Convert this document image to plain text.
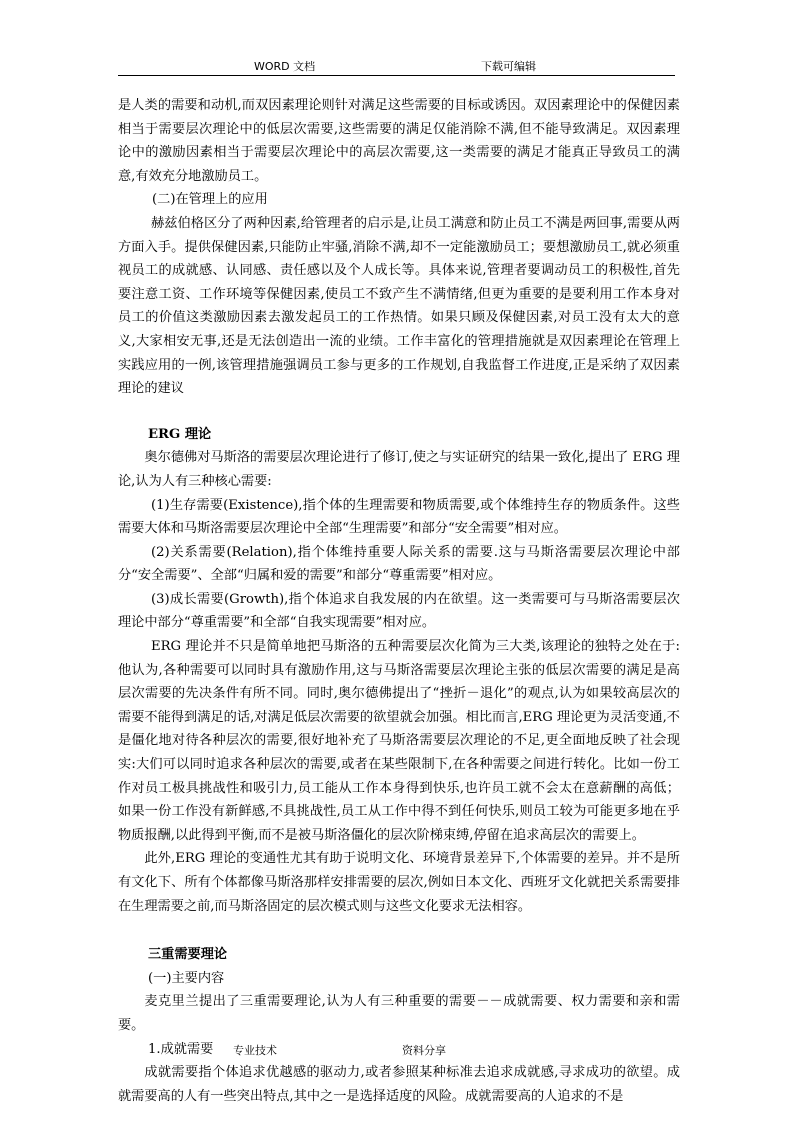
WORD 文档	下载可编辑

是人类的需要和动机,而双因素理论则针对满足这些需要的目标或诱因。双因素理论中的保健因素相当于需要层次理论中的低层次需要,这些需要的满足仅能消除不满,但不能导致满足。双因素理论中的激励因素相当于需要层次理论中的高层次需要,这一类需要的满足才能真正导致员工的满意,有效充分地激励员工。

(二)在管理上的应用

赫兹伯格区分了两种因素,给管理者的启示是,让员工满意和防止员工不满是两回事,需要从两方面入手。提供保健因素,只能防止牢骚,消除不满,却不一定能激励员工；要想激励员工,就必须重视员工的成就感、认同感、责任感以及个人成长等。具体来说,管理者要调动员工的积极性,首先要注意工资、工作环境等保健因素,使员工不致产生不满情绪,但更为重要的是要利用工作本身对员工的价值这类激励因素去激发起员工的工作热情。如果只顾及保健因素,对员工没有太大的意义,大家相安无事,还是无法创造出一流的业绩。工作丰富化的管理措施就是双因素理论在管理上实践应用的一例,该管理措施强调员工参与更多的工作规划,自我监督工作进度,正是采纳了双因素理论的建议

ERG 理论

奥尔德佛对马斯洛的需要层次理论进行了修订,使之与实证研究的结果一致化,提出了 ERG 理论,认为人有三种核心需要:

(1)生存需要(Existence),指个体的生理需要和物质需要,或个体维持生存的物质条件。这些需要大体和马斯洛需要层次理论中全部“生理需要”和部分“安全需要”相对应。

(2)关系需要(Relation),指个体维持重要人际关系的需要.这与马斯洛需要层次理论中部分“安全需要”、全部“归属和爱的需要”和部分“尊重需要”相对应。

(3)成长需要(Growth),指个体追求自我发展的内在欲望。这一类需要可与马斯洛需要层次理论中部分“尊重需要”和全部“自我实现需要”相对应。

ERG 理论并不只是简单地把马斯洛的五种需要层次化简为三大类,该理论的独特之处在于:他认为,各种需要可以同时具有激励作用,这与马斯洛需要层次理论主张的低层次需要的满足是高层次需要的先决条件有所不同。同时,奥尔德佛提出了“挫折－退化”的观点,认为如果较高层次的需要不能得到满足的话,对满足低层次需要的欲望就会加强。相比而言,ERG 理论更为灵活变通,不是僵化地对待各种层次的需要,很好地补充了马斯洛需要层次理论的不足,更全面地反映了社会现实:大们可以同时追求各种层次的需要,或者在某些限制下,在各种需要之间进行转化。比如一份工作对员工极具挑战性和吸引力,员工能从工作本身得到快乐,也许员工就不会太在意薪酬的高低；如果一份工作没有新鲜感,不具挑战性,员工从工作中得不到任何快乐,则员工较为可能更多地在乎物质报酬,以此得到平衡,而不是被马斯洛僵化的层次阶梯束缚,停留在追求高层次的需要上。

此外,ERG 理论的变通性尤其有助于说明文化、环境背景差异下,个体需要的差异。并不是所有文化下、所有个体都像马斯洛那样安排需要的层次,例如日本文化、西班牙文化就把关系需要排在生理需要之前,而马斯洛固定的层次模式则与这些文化要求无法相容。

三重需要理论

(一)主要内容

麦克里兰提出了三重需要理论,认为人有三种重要的需要－－成就需要、权力需要和亲和需要。

1.成就需要

成就需要指个体追求优越感的驱动力,或者参照某种标准去追求成就感,寻求成功的欲望。成就需要高的人有一些突出特点,其中之一是选择适度的风险。成就需要高的人追求的不是

专业技术	资料分享
